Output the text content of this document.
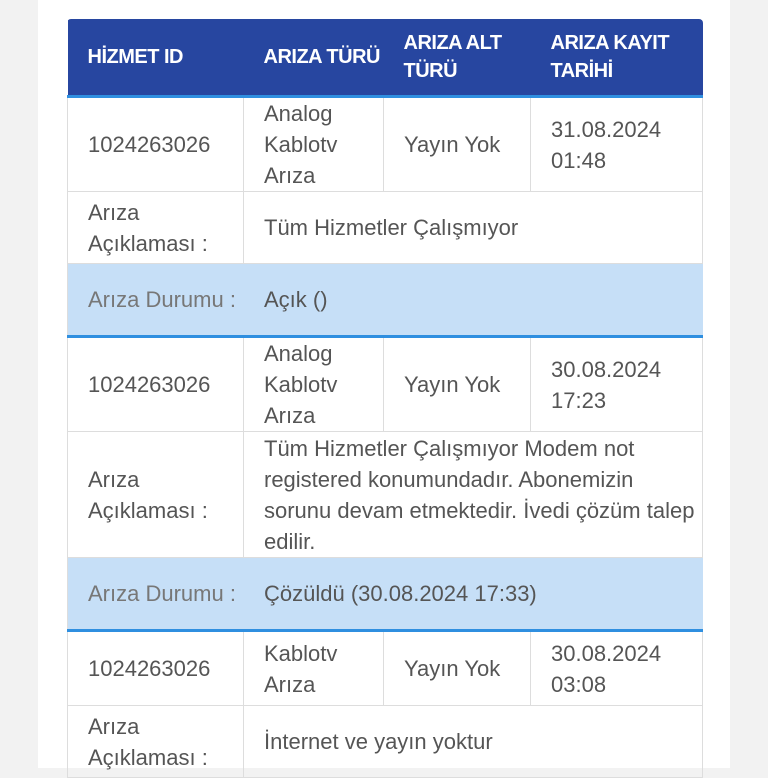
HİZMET ID	ARIZA TÜRÜ	ARIZA ALT TÜRÜ	ARIZA KAYIT TARİHİ
1024263026	Analog Kablotv Arıza	Yayın Yok	31.08.2024 01:48
Arıza Açıklaması :	Tüm Hizmetler Çalışmıyor		
Arıza Durumu :	Açık ()		
1024263026	Analog Kablotv Arıza	Yayın Yok	30.08.2024 17:23
Arıza Açıklaması :	Tüm Hizmetler Çalışmıyor Modem not registered konumundadır. Abonemizin sorunu devam etmektedir. İvedi çözüm talep edilir.		
Arıza Durumu :	Çözüldü (30.08.2024 17:33)		
1024263026	Kablotv Arıza	Yayın Yok	30.08.2024 03:08
Arıza Açıklaması :	İnternet ve yayın yoktur		
